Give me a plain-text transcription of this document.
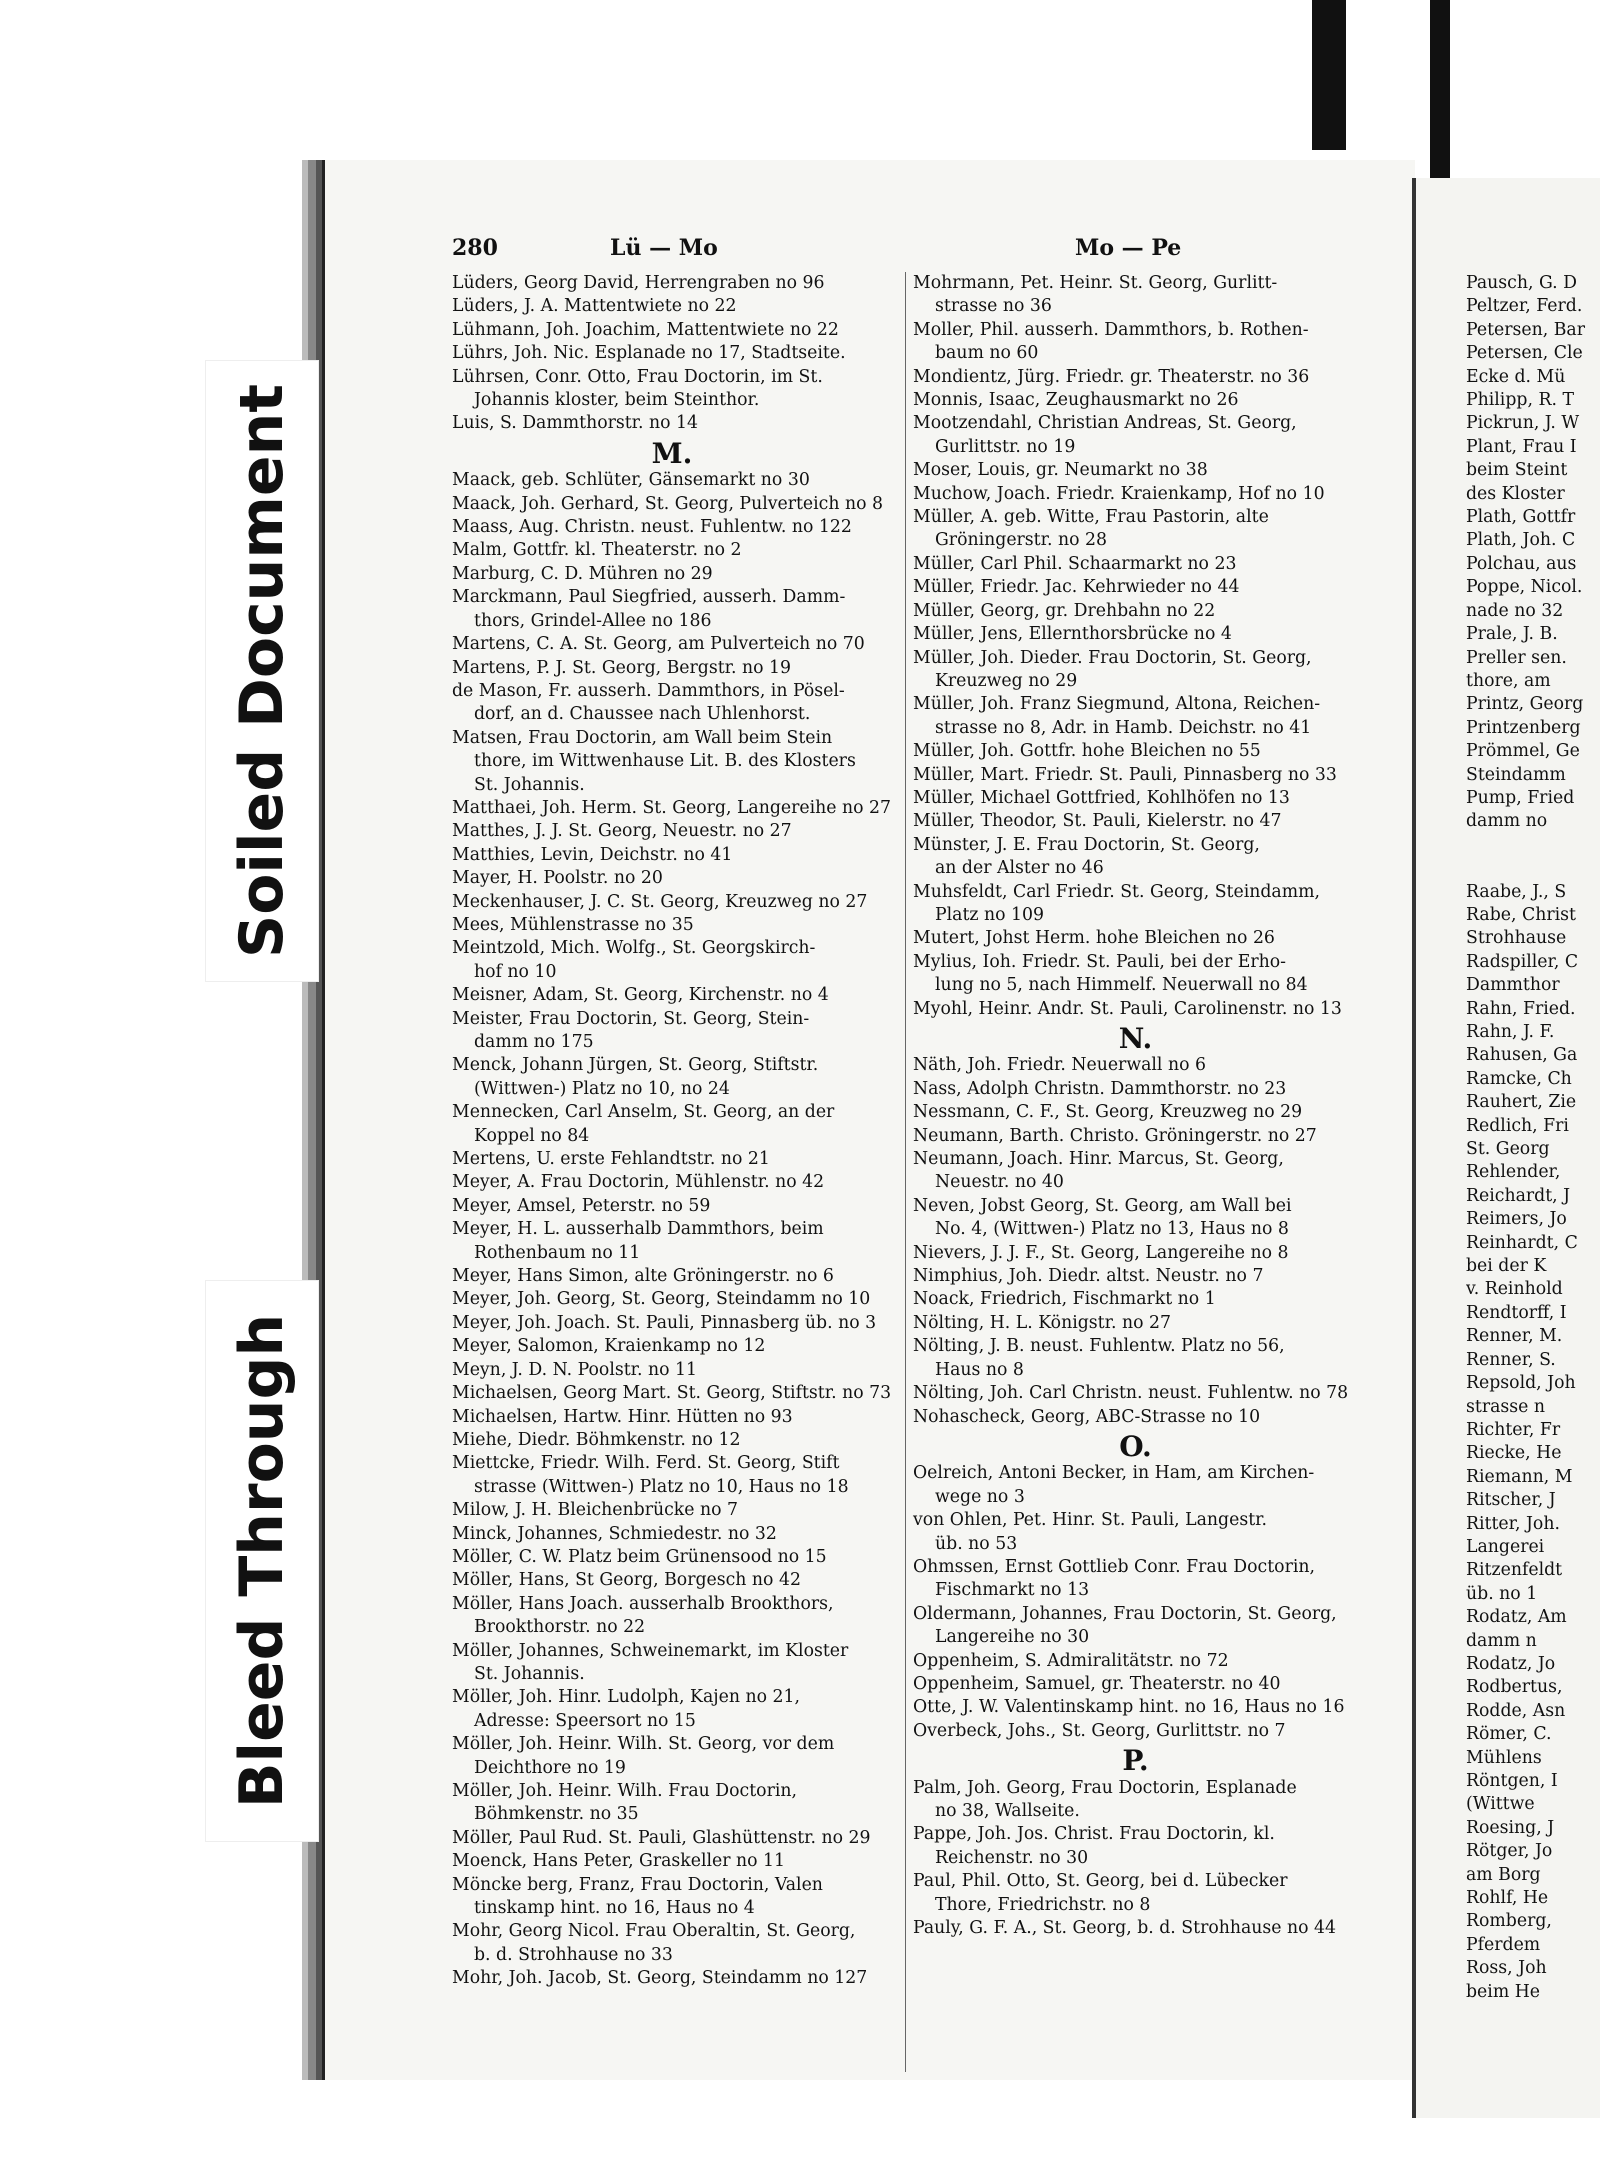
Soiled Document
Bleed Through
280	Lü — Mo	Mo — Pe
Lüders, Georg David, Herrengraben no 96
Lüders, J. A. Mattentwiete no 22
Lühmann, Joh. Joachim, Mattentwiete no 22
Lührs, Joh. Nic. Esplanade no 17, Stadtseite.
Lührsen, Conr. Otto, Frau Doctorin, im St.
Johannis kloster, beim Steinthor.
Luis, S. Dammthorstr. no 14
M.
Maack, geb. Schlüter, Gänsemarkt no 30
Maack, Joh. Gerhard, St. Georg, Pulverteich no 8
Maass, Aug. Christn. neust. Fuhlentw. no 122
Malm, Gottfr. kl. Theaterstr. no 2
Marburg, C. D. Mühren no 29
Marckmann, Paul Siegfried, ausserh. Damm-
thors, Grindel-Allee no 186
Martens, C. A. St. Georg, am Pulverteich no 70
Martens, P. J. St. Georg, Bergstr. no 19
de Mason, Fr. ausserh. Dammthors, in Pösel-
dorf, an d. Chaussee nach Uhlenhorst.
Matsen, Frau Doctorin, am Wall beim Stein
thore, im Wittwenhause Lit. B. des Klosters
St. Johannis.
Matthaei, Joh. Herm. St. Georg, Langereihe no 27
Matthes, J. J. St. Georg, Neuestr. no 27
Matthies, Levin, Deichstr. no 41
Mayer, H. Poolstr. no 20
Meckenhauser, J. C. St. Georg, Kreuzweg no 27
Mees, Mühlenstrasse no 35
Meintzold, Mich. Wolfg., St. Georgskirch-
hof no 10
Meisner, Adam, St. Georg, Kirchenstr. no 4
Meister, Frau Doctorin, St. Georg, Stein-
damm no 175
Menck, Johann Jürgen, St. Georg, Stiftstr.
(Wittwen-) Platz no 10, no 24
Mennecken, Carl Anselm, St. Georg, an der
Koppel no 84
Mertens, U. erste Fehlandtstr. no 21
Meyer, A. Frau Doctorin, Mühlenstr. no 42
Meyer, Amsel, Peterstr. no 59
Meyer, H. L. ausserhalb Dammthors, beim
Rothenbaum no 11
Meyer, Hans Simon, alte Gröningerstr. no 6
Meyer, Joh. Georg, St. Georg, Steindamm no 10
Meyer, Joh. Joach. St. Pauli, Pinnasberg üb. no 3
Meyer, Salomon, Kraienkamp no 12
Meyn, J. D. N. Poolstr. no 11
Michaelsen, Georg Mart. St. Georg, Stiftstr. no 73
Michaelsen, Hartw. Hinr. Hütten no 93
Miehe, Diedr. Böhmkenstr. no 12
Miettcke, Friedr. Wilh. Ferd. St. Georg, Stift
strasse (Wittwen-) Platz no 10, Haus no 18
Milow, J. H. Bleichenbrücke no 7
Minck, Johannes, Schmiedestr. no 32
Möller, C. W. Platz beim Grünensood no 15
Möller, Hans, St Georg, Borgesch no 42
Möller, Hans Joach. ausserhalb Brookthors,
Brookthorstr. no 22
Möller, Johannes, Schweinemarkt, im Kloster
St. Johannis.
Möller, Joh. Hinr. Ludolph, Kajen no 21,
Adresse: Speersort no 15
Möller, Joh. Heinr. Wilh. St. Georg, vor dem
Deichthore no 19
Möller, Joh. Heinr. Wilh. Frau Doctorin,
Böhmkenstr. no 35
Möller, Paul Rud. St. Pauli, Glashüttenstr. no 29
Moenck, Hans Peter, Graskeller no 11
Möncke berg, Franz, Frau Doctorin, Valen
tinskamp hint. no 16, Haus no 4
Mohr, Georg Nicol. Frau Oberaltin, St. Georg,
b. d. Strohhause no 33
Mohr, Joh. Jacob, St. Georg, Steindamm no 127
Mohrmann, Pet. Heinr. St. Georg, Gurlitt-
strasse no 36
Moller, Phil. ausserh. Dammthors, b. Rothen-
baum no 60
Mondientz, Jürg. Friedr. gr. Theaterstr. no 36
Monnis, Isaac, Zeughausmarkt no 26
Mootzendahl, Christian Andreas, St. Georg,
Gurlittstr. no 19
Moser, Louis, gr. Neumarkt no 38
Muchow, Joach. Friedr. Kraienkamp, Hof no 10
Müller, A. geb. Witte, Frau Pastorin, alte
Gröningerstr. no 28
Müller, Carl Phil. Schaarmarkt no 23
Müller, Friedr. Jac. Kehrwieder no 44
Müller, Georg, gr. Drehbahn no 22
Müller, Jens, Ellernthorsbrücke no 4
Müller, Joh. Dieder. Frau Doctorin, St. Georg,
Kreuzweg no 29
Müller, Joh. Franz Siegmund, Altona, Reichen-
strasse no 8, Adr. in Hamb. Deichstr. no 41
Müller, Joh. Gottfr. hohe Bleichen no 55
Müller, Mart. Friedr. St. Pauli, Pinnasberg no 33
Müller, Michael Gottfried, Kohlhöfen no 13
Müller, Theodor, St. Pauli, Kielerstr. no 47
Münster, J. E. Frau Doctorin, St. Georg,
an der Alster no 46
Muhsfeldt, Carl Friedr. St. Georg, Steindamm,
Platz no 109
Mutert, Johst Herm. hohe Bleichen no 26
Mylius, Ioh. Friedr. St. Pauli, bei der Erho-
lung no 5, nach Himmelf. Neuerwall no 84
Myohl, Heinr. Andr. St. Pauli, Carolinenstr. no 13
N.
Näth, Joh. Friedr. Neuerwall no 6
Nass, Adolph Christn. Dammthorstr. no 23
Nessmann, C. F., St. Georg, Kreuzweg no 29
Neumann, Barth. Christo. Gröningerstr. no 27
Neumann, Joach. Hinr. Marcus, St. Georg,
Neuestr. no 40
Neven, Jobst Georg, St. Georg, am Wall bei
No. 4, (Wittwen-) Platz no 13, Haus no 8
Nievers, J. J. F., St. Georg, Langereihe no 8
Nimphius, Joh. Diedr. altst. Neustr. no 7
Noack, Friedrich, Fischmarkt no 1
Nölting, H. L. Königstr. no 27
Nölting, J. B. neust. Fuhlentw. Platz no 56,
Haus no 8
Nölting, Joh. Carl Christn. neust. Fuhlentw. no 78
Nohascheck, Georg, ABC-Strasse no 10
O.
Oelreich, Antoni Becker, in Ham, am Kirchen-
wege no 3
von Ohlen, Pet. Hinr. St. Pauli, Langestr.
üb. no 53
Ohmssen, Ernst Gottlieb Conr. Frau Doctorin,
Fischmarkt no 13
Oldermann, Johannes, Frau Doctorin, St. Georg,
Langereihe no 30
Oppenheim, S. Admiralitätstr. no 72
Oppenheim, Samuel, gr. Theaterstr. no 40
Otte, J. W. Valentinskamp hint. no 16, Haus no 16
Overbeck, Johs., St. Georg, Gurlittstr. no 7
P.
Palm, Joh. Georg, Frau Doctorin, Esplanade
no 38, Wallseite.
Pappe, Joh. Jos. Christ. Frau Doctorin, kl.
Reichenstr. no 30
Paul, Phil. Otto, St. Georg, bei d. Lübecker
Thore, Friedrichstr. no 8
Pauly, G. F. A., St. Georg, b. d. Strohhause no 44
Pausch, G. D
Peltzer, Ferd.
Petersen, Bar
Petersen, Cle
Ecke d. Mü
Philipp, R. T
Pickrun, J. W
Plant, Frau I
beim Steint
des Kloster
Plath, Gottfr
Plath, Joh. C
Polchau, aus
Poppe, Nicol.
nade no 32
Prale, J. B.
Preller sen.
thore, am
Printz, Georg
Printzenberg
Prömmel, Ge
Steindamm
Pump, Fried
damm no

Raabe, J., S
Rabe, Christ
Strohhause
Radspiller, C
Dammthor
Rahn, Fried.
Rahn, J. F.
Rahusen, Ga
Ramcke, Ch
Rauhert, Zie
Redlich, Fri
St. Georg
Rehlender,
Reichardt, J
Reimers, Jo
Reinhardt, C
bei der K
v. Reinhold
Rendtorff, I
Renner, M.
Renner, S.
Repsold, Joh
strasse n
Richter, Fr
Riecke, He
Riemann, M
Ritscher, J
Ritter, Joh.
Langerei
Ritzenfeldt
üb. no 1
Rodatz, Am
damm n
Rodatz, Jo
Rodbertus,
Rodde, Asn
Römer, C.
Mühlens
Röntgen, I
(Wittwe
Roesing, J
Rötger, Jo
am Borg
Rohlf, He
Romberg,
Pferdem
Ross, Joh
beim He
